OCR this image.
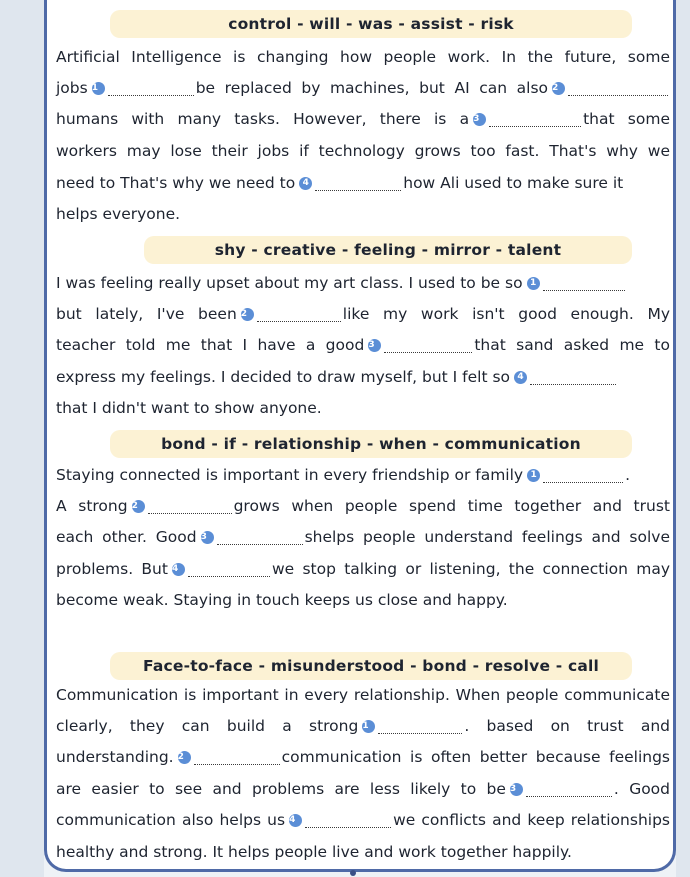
control - will - was - assist - risk
Artificial Intelligence is changing how people work. In the future, some
jobs 1	be replaced by machines, but AI can also 2
humans with many tasks. However, there is a 3	that some
workers may lose their jobs if technology grows too fast. That's why we
need to That's why we need to 4	how Ali used to make sure it
helps everyone.
shy - creative - feeling - mirror - talent
I was feeling really upset about my art class. I used to be so 1
but lately, I've been 2	like my work isn't good enough. My
teacher told me that I have a good 3	that sand asked me to
express my feelings. I decided to draw myself, but I felt so 4
that I didn't want to show anyone.
bond - if - relationship - when - communication
Staying connected is important in every friendship or family 1	.
A strong 2	grows when people spend time together and trust
each other. Good 3	shelps people understand feelings and solve
problems. But 4	we stop talking or listening, the connection may
become weak. Staying in touch keeps us close and happy.
Face-to-face - misunderstood - bond - resolve - call
Communication is important in every relationship. When people communicate
clearly, they can build a strong 1	. based on trust and
understanding. 2	communication is often better because feelings
are easier to see and problems are less likely to be 3	. Good
communication also helps us 4	we conflicts and keep relationships
healthy and strong. It helps people live and work together happily.
